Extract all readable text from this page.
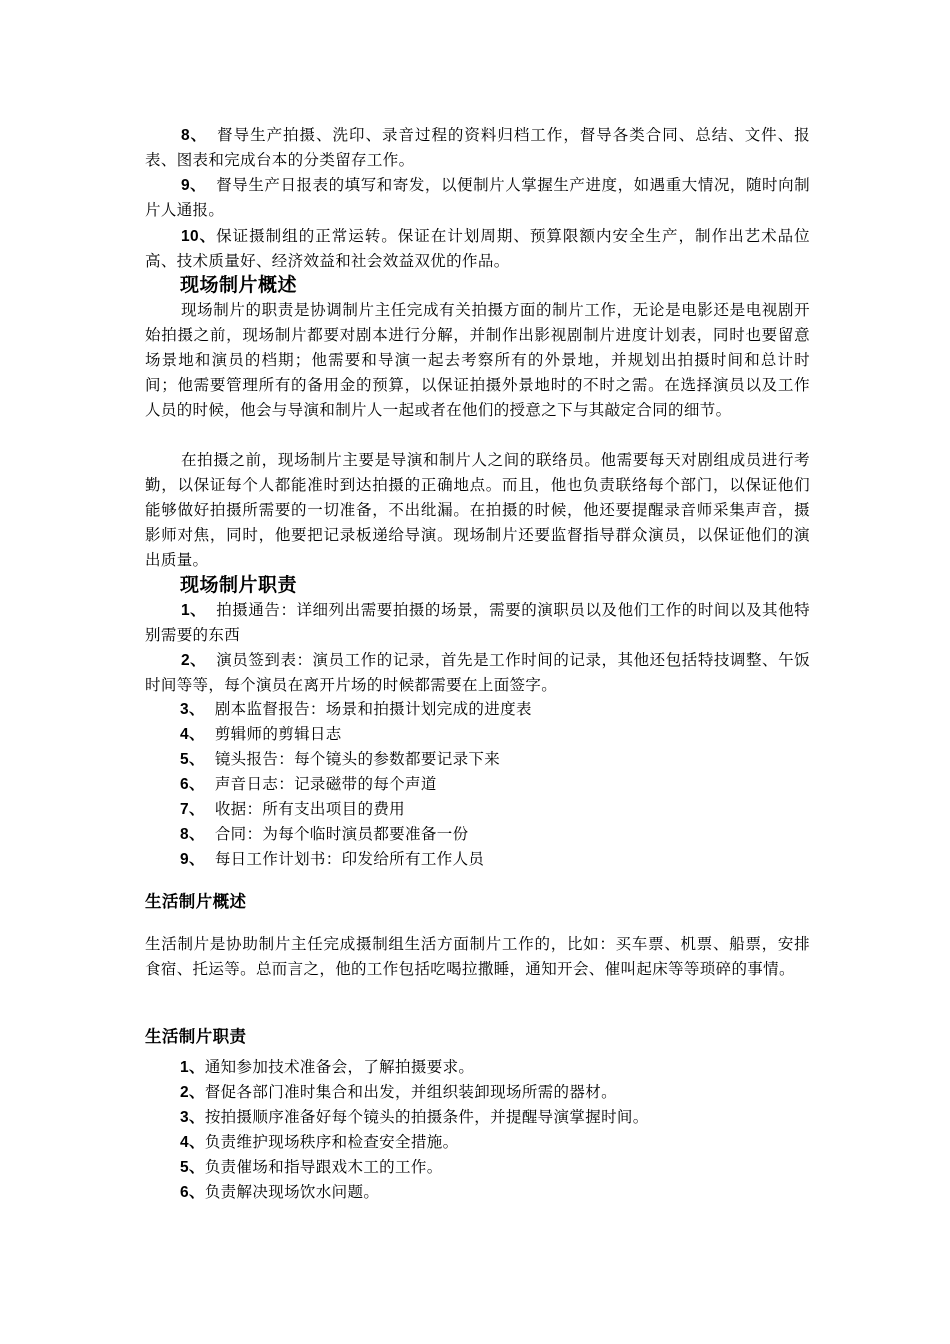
8、 督导生产拍摄、洗印、录音过程的资料归档工作，督导各类合同、总结、文件、报表、图表和完成台本的分类留存工作。

9、 督导生产日报表的填写和寄发，以便制片人掌握生产进度，如遇重大情况，随时向制片人通报。

10、保证摄制组的正常运转。保证在计划周期、预算限额内安全生产，制作出艺术品位高、技术质量好、经济效益和社会效益双优的作品。

现场制片概述

现场制片的职责是协调制片主任完成有关拍摄方面的制片工作，无论是电影还是电视剧开始拍摄之前，现场制片都要对剧本进行分解，并制作出影视剧制片进度计划表，同时也要留意场景地和演员的档期；他需要和导演一起去考察所有的外景地，并规划出拍摄时间和总计时间；他需要管理所有的备用金的预算，以保证拍摄外景地时的不时之需。在选择演员以及工作人员的时候，他会与导演和制片人一起或者在他们的授意之下与其敲定合同的细节。

在拍摄之前，现场制片主要是导演和制片人之间的联络员。他需要每天对剧组成员进行考勤，以保证每个人都能准时到达拍摄的正确地点。而且，他也负责联络每个部门，以保证他们能够做好拍摄所需要的一切准备，不出纰漏。在拍摄的时候，他还要提醒录音师采集声音，摄影师对焦，同时，他要把记录板递给导演。现场制片还要监督指导群众演员，以保证他们的演出质量。

现场制片职责

1、 拍摄通告：详细列出需要拍摄的场景，需要的演职员以及他们工作的时间以及其他特别需要的东西

2、 演员签到表：演员工作的记录，首先是工作时间的记录，其他还包括特技调整、午饭时间等等，每个演员在离开片场的时候都需要在上面签字。

3、 剧本监督报告：场景和拍摄计划完成的进度表

4、 剪辑师的剪辑日志

5、 镜头报告：每个镜头的参数都要记录下来

6、 声音日志：记录磁带的每个声道

7、 收据：所有支出项目的费用

8、 合同：为每个临时演员都要准备一份

9、 每日工作计划书：印发给所有工作人员

生活制片概述

生活制片是协助制片主任完成摄制组生活方面制片工作的，比如：买车票、机票、船票，安排食宿、托运等。总而言之，他的工作包括吃喝拉撒睡，通知开会、催叫起床等等琐碎的事情。

生活制片职责

1、通知参加技术准备会，了解拍摄要求。

2、督促各部门准时集合和出发，并组织装卸现场所需的器材。

3、按拍摄顺序准备好每个镜头的拍摄条件，并提醒导演掌握时间。

4、负责维护现场秩序和检查安全措施。

5、负责催场和指导跟戏木工的工作。

6、负责解决现场饮水问题。
